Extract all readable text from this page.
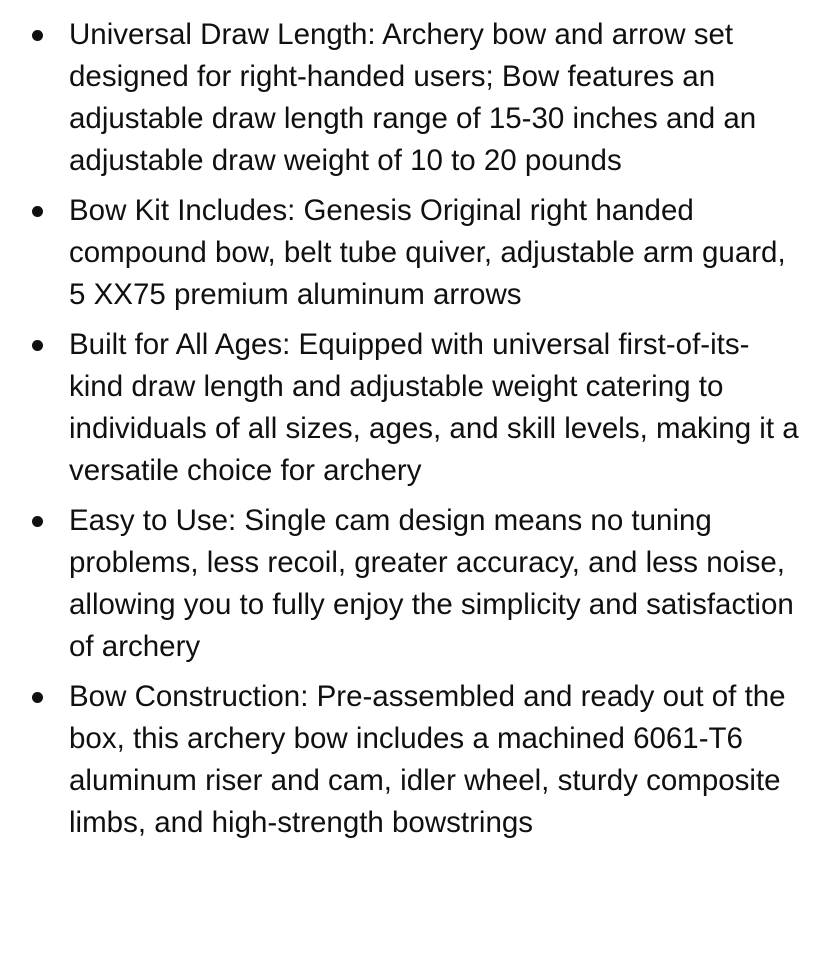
Universal Draw Length: Archery bow and arrow set designed for right-handed users; Bow features an adjustable draw length range of 15-30 inches and an adjustable draw weight of 10 to 20 pounds
Bow Kit Includes: Genesis Original right handed compound bow, belt tube quiver, adjustable arm guard, 5 XX75 premium aluminum arrows
Built for All Ages: Equipped with universal first-of-its-kind draw length and adjustable weight catering to individuals of all sizes, ages, and skill levels, making it a versatile choice for archery
Easy to Use: Single cam design means no tuning problems, less recoil, greater accuracy, and less noise, allowing you to fully enjoy the simplicity and satisfaction of archery
Bow Construction: Pre-assembled and ready out of the box, this archery bow includes a machined 6061-T6 aluminum riser and cam, idler wheel, sturdy composite limbs, and high-strength bowstrings
